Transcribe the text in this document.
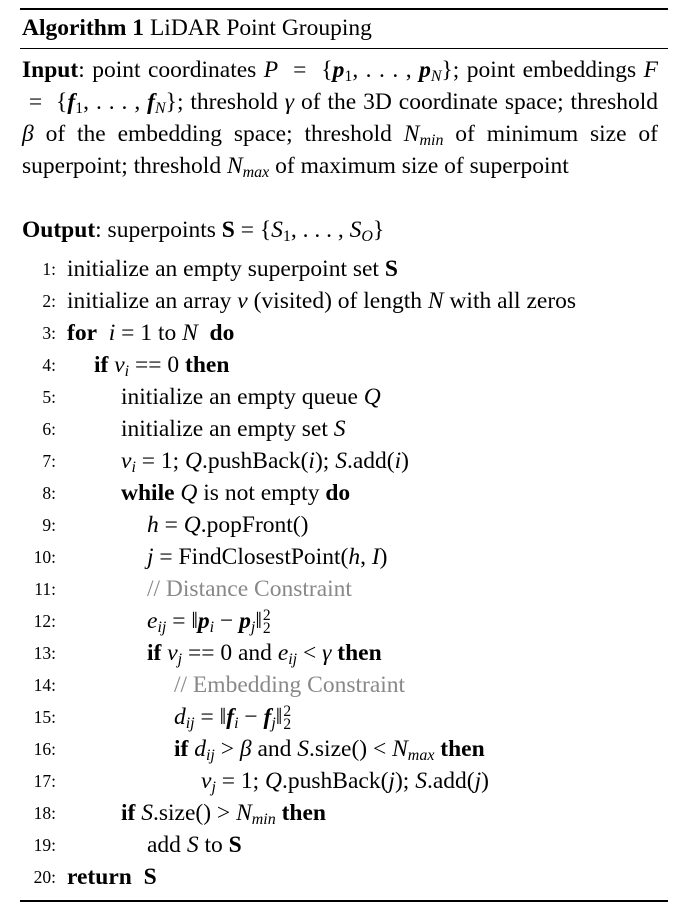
Algorithm 1 LiDAR Point Grouping
Input: point coordinates $P = \{p_1$, . . . , $p_N$}; point embeddings $F = \{f_1$, . . . , $f_N$}; threshold γ of the 3D coordinate space; threshold β of the embedding space; threshold $N_{min}$ of minimum size of superpoint; threshold $N_{max}$ of maximum size of superpoint
Output: superpoints $S = \{S_1$, . . . , $S_O$}
1: initialize an empty superpoint set S
2: initialize an array v (visited) of length N with all zeros
3: for i = 1 to N do
4: if $v_i == 0$ then
5:	initialize an empty queue Q
6:	initialize an empty set S
7:	$v_i = 1$; Q.pushBack(i); S.add(i)
8:	while Q is not empty do
9:	h = Q.popFront()
10:	j = FindClosestPoint(h, I)
11:	// Distance Constraint
12:	$e_{ij}$ = $‖p_i$ − $p_j‖$ 2
2
13:	if $v_j == 0$ and $e_{ij} < \gamma$ then
14:	// Embedding Constraint
15:	$d_{ij}$ = $‖f_i$ − $f_j‖$ 2
2
16:	if $d_{ij} > \beta$ and S.size() < $N_{max}$ then
17:	$v_j = 1$; Q.pushBack(j); S.add(j)
18:	if S.size() > $N_{min}$ then
19:	add S to S
20: return S
